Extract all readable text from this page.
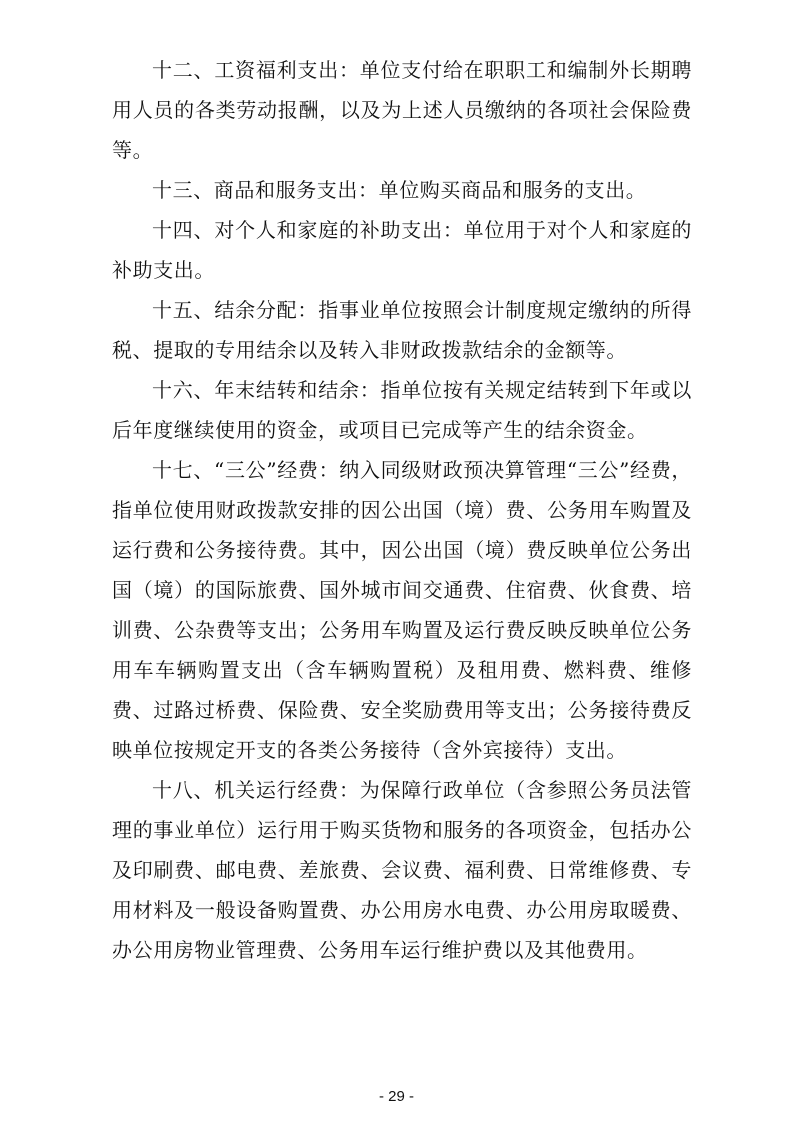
十二、工资福利支出：单位支付给在职职工和编制外长期聘用人员的各类劳动报酬，以及为上述人员缴纳的各项社会保险费等。

十三、商品和服务支出：单位购买商品和服务的支出。

十四、对个人和家庭的补助支出：单位用于对个人和家庭的补助支出。

十五、结余分配：指事业单位按照会计制度规定缴纳的所得税、提取的专用结余以及转入非财政拨款结余的金额等。

十六、年末结转和结余：指单位按有关规定结转到下年或以后年度继续使用的资金，或项目已完成等产生的结余资金。

十七、“三公”经费：纳入同级财政预决算管理“三公”经费，指单位使用财政拨款安排的因公出国（境）费、公务用车购置及运行费和公务接待费。其中，因公出国（境）费反映单位公务出国（境）的国际旅费、国外城市间交通费、住宿费、伙食费、培训费、公杂费等支出；公务用车购置及运行费反映反映单位公务用车车辆购置支出（含车辆购置税）及租用费、燃料费、维修费、过路过桥费、保险费、安全奖励费用等支出；公务接待费反映单位按规定开支的各类公务接待（含外宾接待）支出。

十八、机关运行经费：为保障行政单位（含参照公务员法管理的事业单位）运行用于购买货物和服务的各项资金，包括办公及印刷费、邮电费、差旅费、会议费、福利费、日常维修费、专用材料及一般设备购置费、办公用房水电费、办公用房取暖费、办公用房物业管理费、公务用车运行维护费以及其他费用。

- 29 -
